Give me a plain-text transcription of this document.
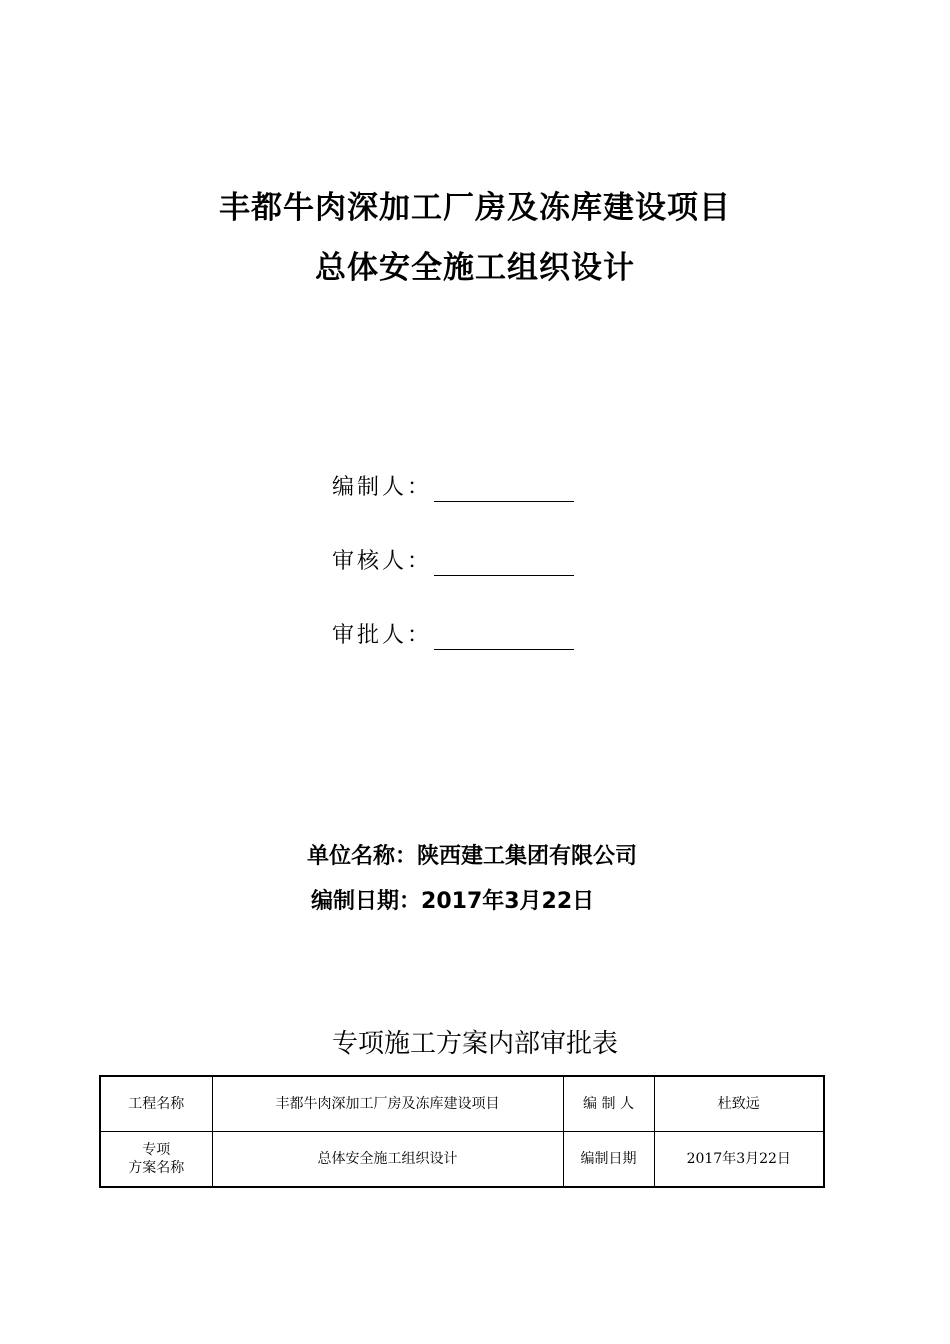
丰都牛肉深加工厂房及冻库建设项目
总体安全施工组织设计
编制人：
审核人：
审批人：
单位名称：陕西建工集团有限公司
编制日期：2017年3月22日
专项施工方案内部审批表
工程名称	丰都牛肉深加工厂房及冻库建设项目	编 制 人	杜致远

专项
方案名称	总体安全施工组织设计	编制日期	2017年3月22日
